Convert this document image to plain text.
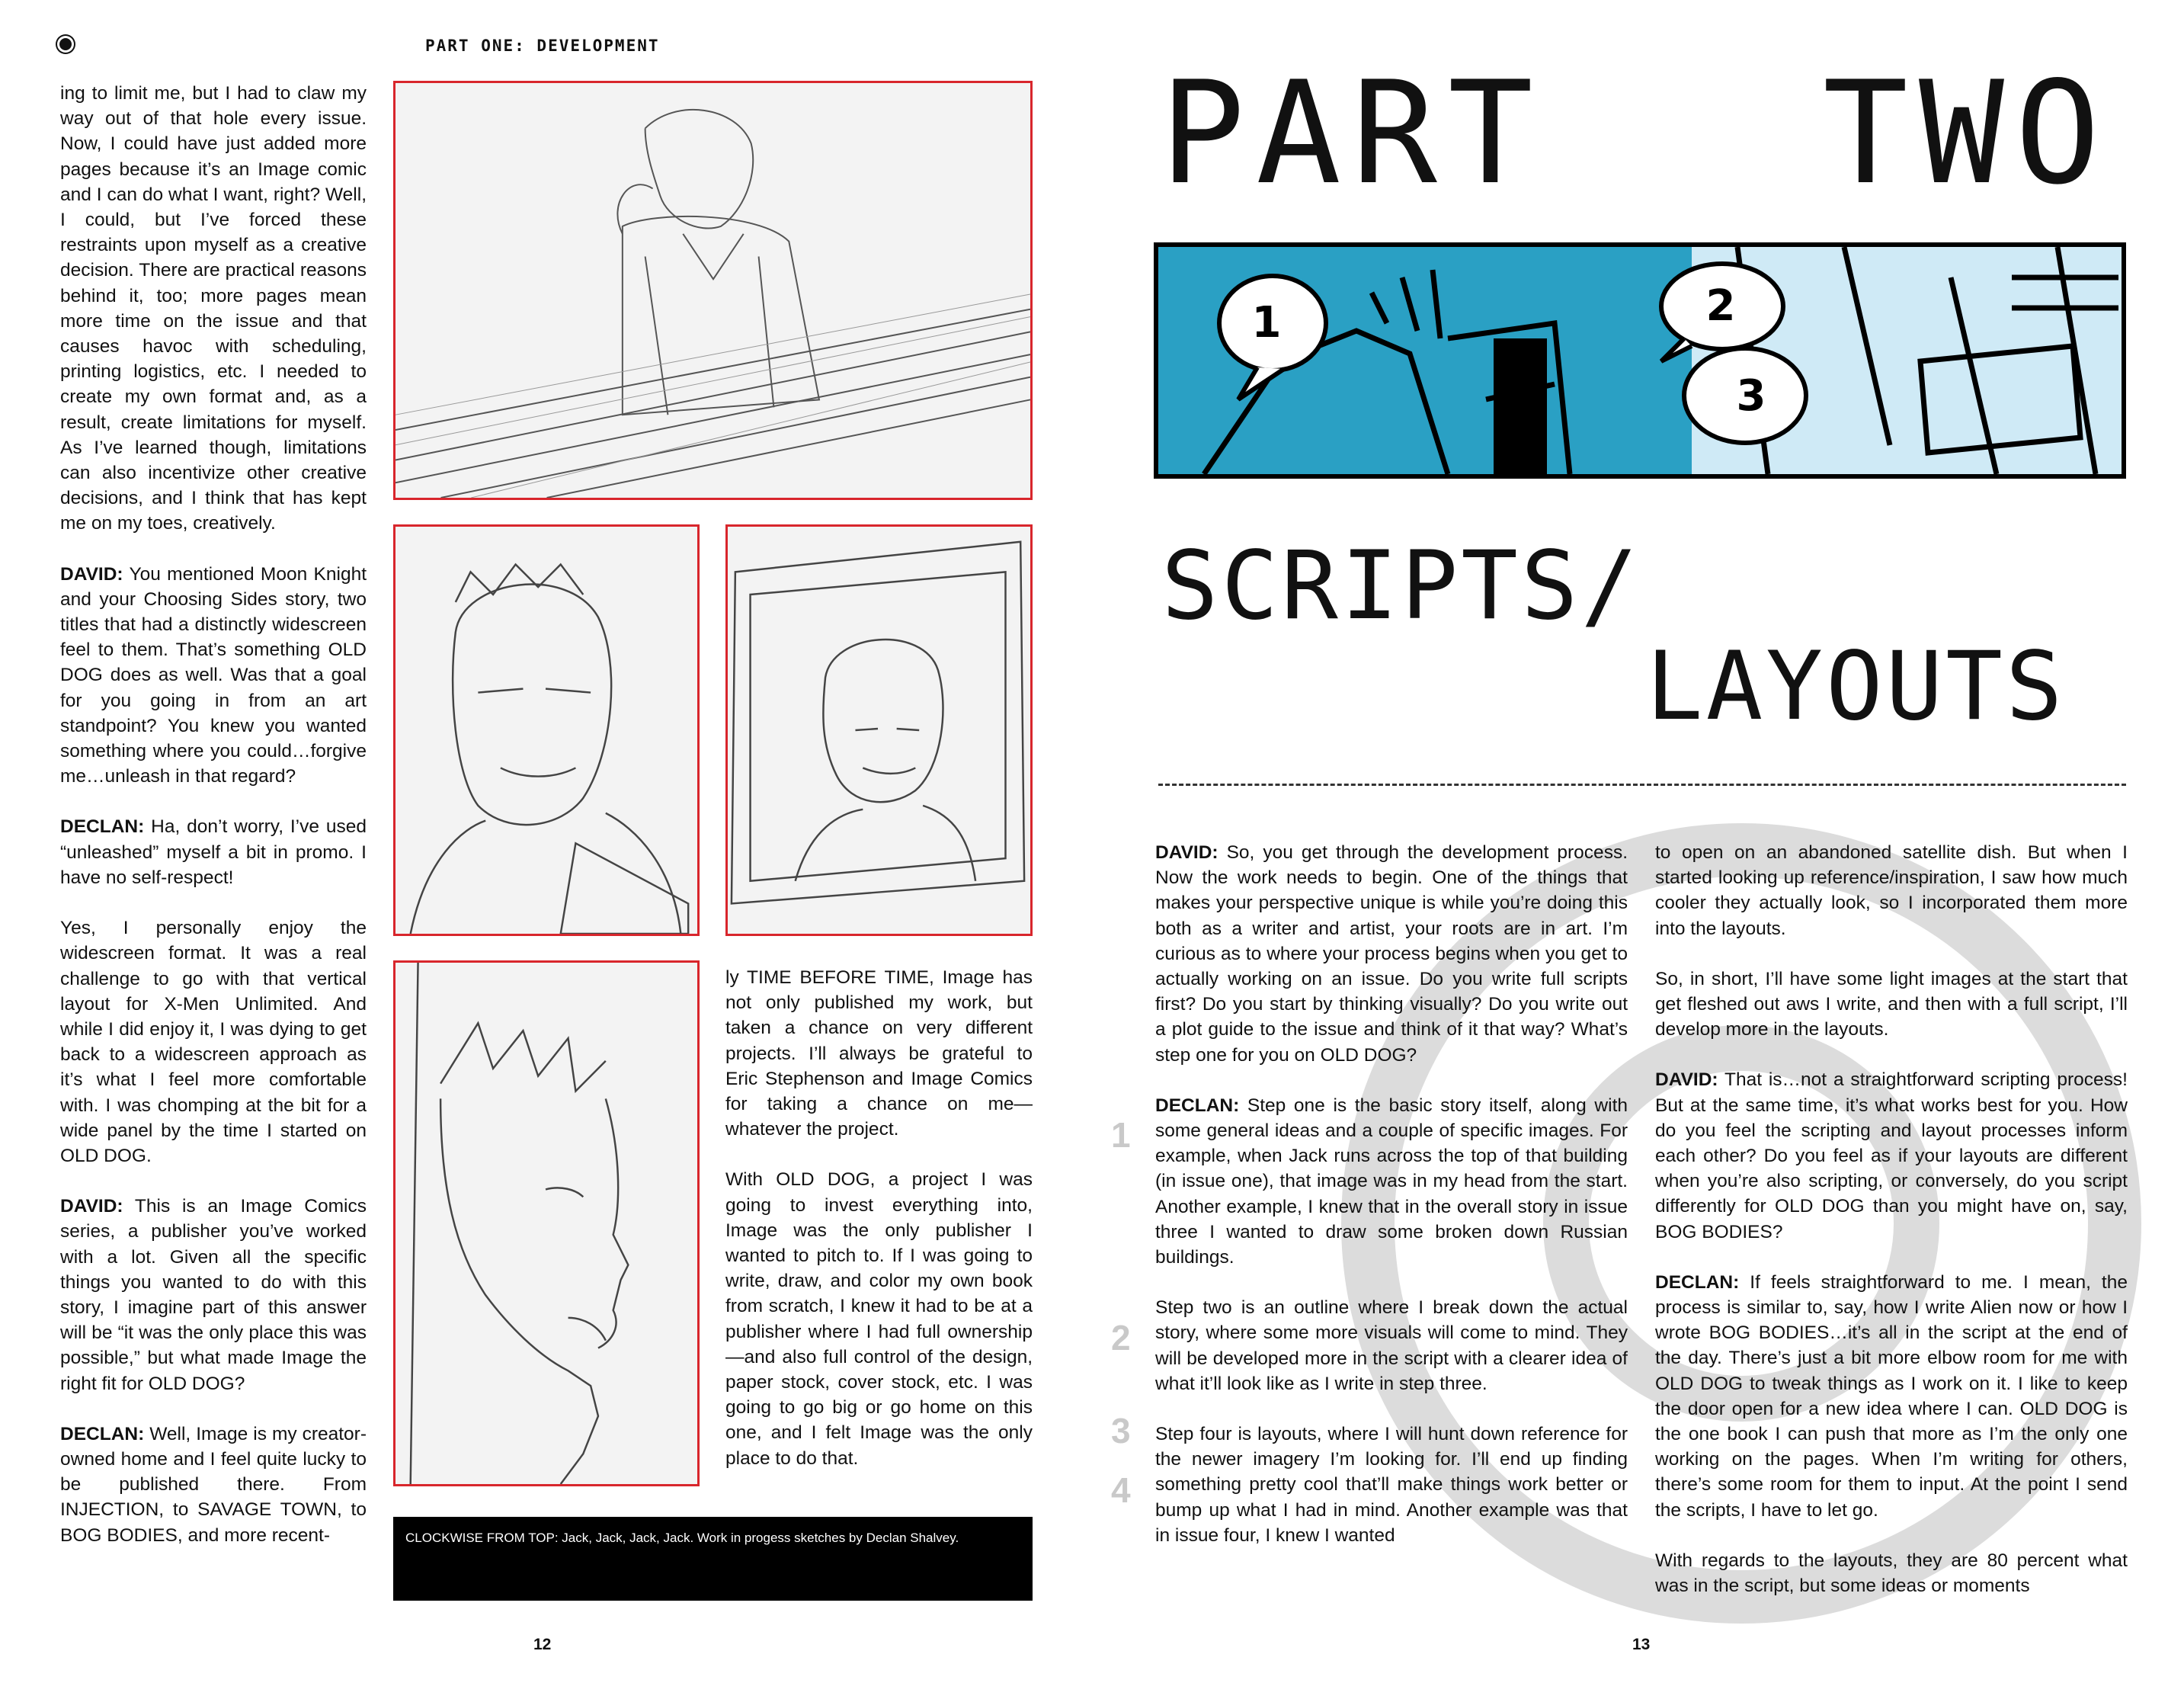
PART ONE: DEVELOPMENT

ing to limit me, but I had to claw my way out of that hole every issue. Now, I could have just added more pages because it’s an Image comic and I can do what I want, right? Well, I could, but I’ve forced these restraints upon myself as a creative decision. There are practical reasons behind it, too; more pages mean more time on the issue and that causes havoc with scheduling, printing logistics, etc. I needed to create my own format and, as a result, create limitations for myself. As I’ve learned though, limitations can also incentivize other creative decisions, and I think that has kept me on my toes, creatively.

DAVID: You mentioned Moon Knight and your Choosing Sides story, two titles that had a distinctly widescreen feel to them. That’s something OLD DOG does as well. Was that a goal for you going in from an art standpoint? You knew you wanted something where you could…forgive me…unleash in that regard?

DECLAN: Ha, don’t worry, I’ve used “unleashed” myself a bit in promo. I have no self-respect!

Yes, I personally enjoy the widescreen format. It was a real challenge to go with that vertical layout for X-Men Unlimited. And while I did enjoy it, I was dying to get back to a widescreen approach as it’s what I feel more comfortable with. I was chomping at the bit for a wide panel by the time I started on OLD DOG.

DAVID: This is an Image Comics series, a publisher you’ve worked with a lot. Given all the specific things you wanted to do with this story, I imagine part of this answer will be “it was the only place this was possible,” but what made Image the right fit for OLD DOG?

DECLAN: Well, Image is my creator-owned home and I feel quite lucky to be published there. From INJECTION, to SAVAGE TOWN, to BOG BODIES, and more recent-

ly TIME BEFORE TIME, Image has not only published my work, but taken a chance on very different projects. I’ll always be grateful to Eric Stephenson and Image Comics for taking a chance on me—whatever the project.

With OLD DOG, a project I was going to invest everything into, Image was the only publisher I wanted to pitch to. If I was going to write, draw, and color my own book from scratch, I knew it had to be at a publisher where I had full ownership—and also full control of the design, paper stock, cover stock, etc. I was going to go big or go home on this one, and I felt Image was the only place to do that.

CLOCKWISE FROM TOP: Jack, Jack, Jack, Jack. Work in progess sketches by Declan Shalvey.
12
PART TWO
1	2
3
SCRIPTS/
LAYOUTS
1
2
3
4

DAVID: So, you get through the development process. Now the work needs to begin. One of the things that makes your perspective unique is while you’re doing this both as a writer and artist, your roots are in art. I’m curious as to where your process begins when you get to actually working on an issue. Do you write full scripts first? Do you start by thinking visually? Do you write out a plot guide to the issue and think of it that way? What’s step one for you on OLD DOG?

DECLAN: Step one is the basic story itself, along with some general ideas and a couple of specific images. For example, when Jack runs across the top of that building (in issue one), that image was in my head from the start. Another example, I knew that in the overall story in issue three I wanted to draw some broken down Russian buildings.

Step two is an outline where I break down the actual story, where some more visuals will come to mind. They will be developed more in the script with a clearer idea of what it’ll look like as I write in step three.

Step four is layouts, where I will hunt down reference for the newer imagery I’m looking for. I’ll end up finding something pretty cool that’ll make things work better or bump up what I had in mind. Another example was that in issue four, I knew I wanted

to open on an abandoned satellite dish. But when I started looking up reference/inspiration, I saw how much cooler they actually look, so I incorporated them more into the layouts.

So, in short, I’ll have some light images at the start that get fleshed out aws I write, and then with a full script, I’ll develop more in the layouts.

DAVID: That is…not a straightforward scripting process! But at the same time, it’s what works best for you. How do you feel the scripting and layout processes inform each other? Do you feel as if your layouts are different when you’re also scripting, or conversely, do you script differently for OLD DOG than you might have on, say, BOG BODIES?

DECLAN: If feels straightforward to me. I mean, the process is similar to, say, how I write Alien now or how I wrote BOG BODIES…it’s all in the script at the end of the day. There’s just a bit more elbow room for me with OLD DOG to tweak things as I work on it. I like to keep the door open for a new idea where I can. OLD DOG is the one book I can push that more as I’m the only one working on the pages. When I’m writing for others, there’s some room for them to input. At the point I send the scripts, I have to let go.

With regards to the layouts, they are 80 percent what was in the script, but some ideas or moments

13
